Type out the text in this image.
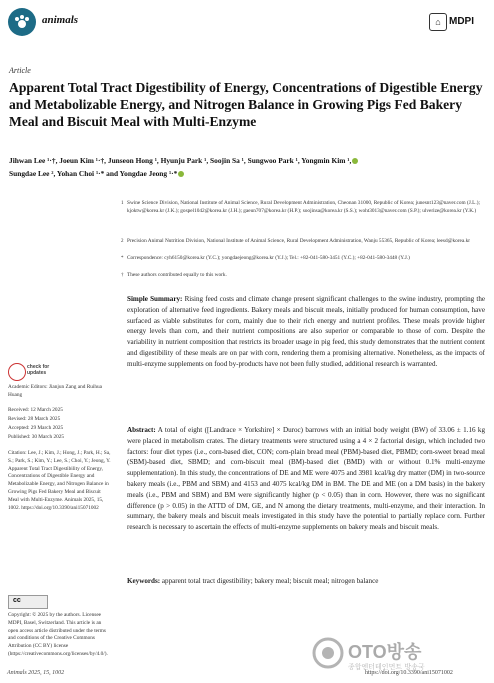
animals	⌂ MDPI
Article
Apparent Total Tract Digestibility of Energy, Concentrations of Digestible Energy and Metabolizable Energy, and Nitrogen Balance in Growing Pigs Fed Bakery Meal and Biscuit Meal with Multi-Enzyme
Jihwan Lee ¹·†, Joeun Kim ¹·†, Junseon Hong ¹, Hyunju Park ¹, Soojin Sa ¹, Sungwoo Park ¹, Yongmin Kim ¹,
Sungdae Lee ², Yohan Choi ¹·* and Yongdae Jeong ¹·*
1 Swine Science Division, National Institute of Animal Science, Rural Development Administration, Cheonan 31000, Republic of Korea; junesnt123@naver.com (J.L.); kjoktw@korea.kr (J.K.); gospel1042@korea.kr (J.H.); gaeun707@korea.kr (H.P.); soojinsa@korea.kr (S.S.); woht3013@naver.com (S.P.); ulverize@korea.kr (Y.K.)
2 Precision Animal Nutrition Division, National Institute of Animal Science, Rural Development Administration, Wanju 55365, Republic of Korea; leesd@korea.kr
* Correspondence: cyh6150@korea.kr (Y.C.); yongdaejeong@korea.kr (Y.J.); Tel.: +82-041-580-3451 (Y.C.); +82-041-580-3448 (Y.J.)
† These authors contributed equally to this work.

Simple Summary: Rising feed costs and climate change present significant challenges to the swine industry, prompting the exploration of alternative feed ingredients. Bakery meals and biscuit meals, initially produced for human consumption, have surfaced as viable substitutes for corn, mainly due to their rich energy and nutrient profiles. These meals provide higher energy levels than corn, and their nutrient compositions are also superior or comparable to those of corn. Despite the variability in nutrient composition that restricts its broader usage in pig feed, this study demonstrates that the nutrient content and digestibility of these meals are on par with corn, rendering them a promising alternative. Nonetheless, as the impacts of multi-enzyme supplements on food by-products have not been fully studied, additional research is warranted.

Abstract: A total of eight ([Landrace × Yorkshire] × Duroc) barrows with an initial body weight (BW) of 33.06 ± 1.16 kg were placed in metabolism crates. The dietary treatments were structured using a 4 × 2 factorial design, which included two factors: four diet types (i.e., corn-based diet, CON; corn-plain bread meal (PBM)-based diet, PBMD; corn-sweet bread meal (SBM)-based diet, SBMD; and corn-biscuit meal (BM)-based diet (BMD) with or without 0.1% multi-enzyme supplementation). In this study, the concentrations of DE and ME were 4075 and 3981 kcal/kg dry matter (DM) in two-source bakery meals (i.e., PBM and SBM) and 4153 and 4075 kcal/kg DM in BM. The DE and ME (on a DM basis) in the bakery meals (i.e., PBM and SBM) and BM were significantly higher (p < 0.05) than in corn. However, there was no significant difference (p > 0.05) in the ATTD of DM, GE, and N among the dietary treatments, multi-enzyme, and their interaction. In summary, the bakery meals and biscuit meals investigated in this study have the potential to partially replace corn. Further research is necessary to ascertain the effects of multi-enzyme supplements on bakery meals and biscuit meals.

Keywords: apparent total tract digestibility; bakery meal; biscuit meal; nitrogen balance
check for updates
Academic Editors: Jianjun Zang and Ruihua Huang
Received: 12 March 2025
Revised: 28 March 2025
Accepted: 29 March 2025
Published: 30 March 2025
Citation: Lee, J.; Kim, J.; Hong, J.; Park, H.; Sa, S.; Park, S.; Kim, Y.; Lee, S.; Choi, Y.; Jeong, Y. Apparent Total Tract Digestibility of Energy, Concentrations of Digestible Energy and Metabolizable Energy, and Nitrogen Balance in Growing Pigs Fed Bakery Meal and Biscuit Meal with Multi-Enzyme. Animals 2025, 15, 1002. https://doi.org/10.3390/ani15071002
cc
Copyright: © 2025 by the authors. Licensee MDPI, Basel, Switzerland. This article is an open access article distributed under the terms and conditions of the Creative Commons Attribution (CC BY) license (https://creativecommons.org/licenses/by/4.0/).
Animals 2025, 15, 1002	https://doi.org/10.3390/ani15071002
OTO방송
종합엔터테인먼트 방송국
